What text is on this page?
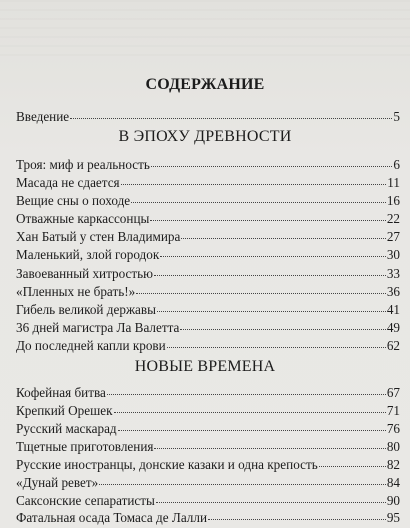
СОДЕРЖАНИЕ
Введение	5
В ЭПОХУ ДРЕВНОСТИ
Троя: миф и реальность	6
Масада не сдается	11
Вещие сны о походе	16
Отважные каркассонцы	22
Хан Батый у стен Владимира	27
Маленький, злой городок	30
Завоеванный хитростью	33
«Пленных не брать!»	36
Гибель великой державы	41
36 дней магистра Ла Валетта	49
До последней капли крови	62
НОВЫЕ ВРЕМЕНА
Кофейная битва	67
Крепкий Орешек	71
Русский маскарад	76
Тщетные приготовления	80
Русские иностранцы, донские казаки и одна крепость	82
«Дунай ревет»	84
Саксонские сепаратисты	90
Фатальная осада Томаса де Лалли	95
